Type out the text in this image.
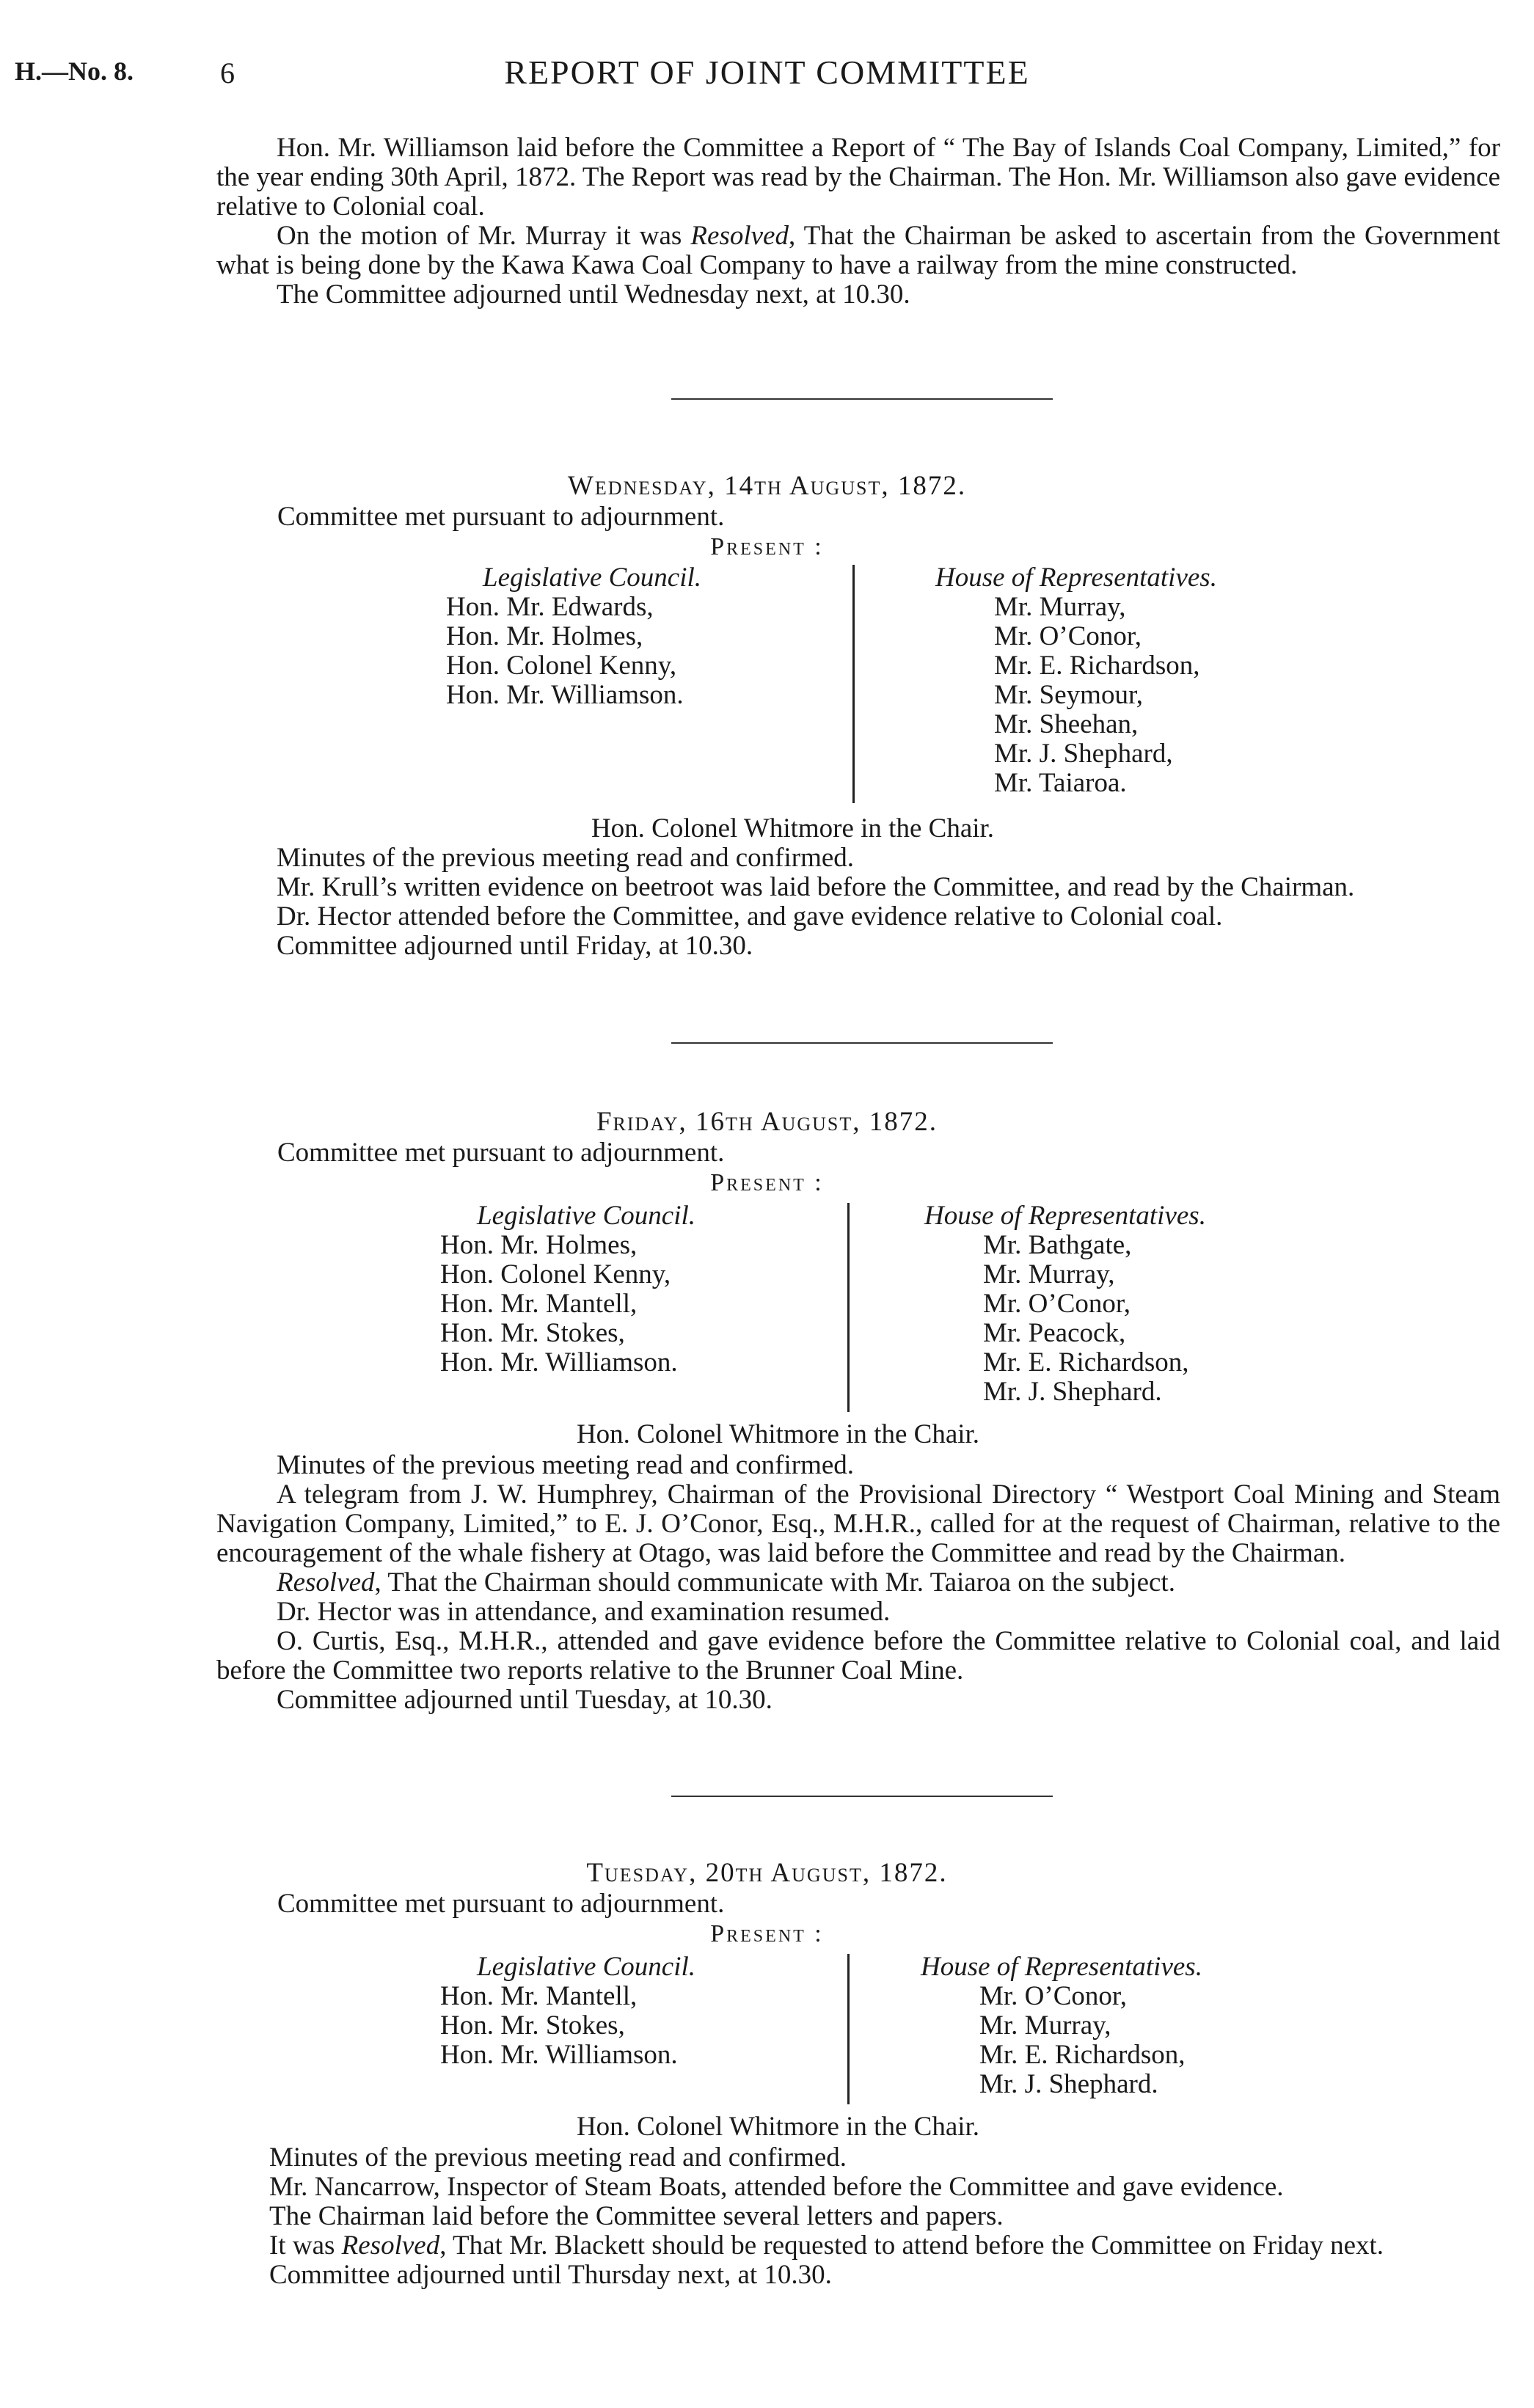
H.—No. 8.	6	REPORT OF JOINT COMMITTEE

Hon. Mr. Williamson laid before the Committee a Report of “ The Bay of Islands Coal Company, Limited,” for the year ending 30th April, 1872. The Report was read by the Chairman. The Hon. Mr. Williamson also gave evidence relative to Colonial coal.

On the motion of Mr. Murray it was Resolved, That the Chairman be asked to ascertain from the Government what is being done by the Kawa Kawa Coal Company to have a railway from the mine constructed.

The Committee adjourned until Wednesday next, at 10.30.

Wednesday, 14th August, 1872.
Committee met pursuant to adjournment.
Present :
Legislative Council.
Hon. Mr. Edwards,
Hon. Mr. Holmes,
Hon. Colonel Kenny,
Hon. Mr. Williamson.
House of Representatives.
Mr. Murray,
Mr. O’Conor,
Mr. E. Richardson,
Mr. Seymour,
Mr. Sheehan,
Mr. J. Shephard,
Mr. Taiaroa.
Hon. Colonel Whitmore in the Chair.

Minutes of the previous meeting read and confirmed.

Mr. Krull’s written evidence on beetroot was laid before the Committee, and read by the Chairman.

Dr. Hector attended before the Committee, and gave evidence relative to Colonial coal.

Committee adjourned until Friday, at 10.30.

Friday, 16th August, 1872.
Committee met pursuant to adjournment.
Present :
Legislative Council.
Hon. Mr. Holmes,
Hon. Colonel Kenny,
Hon. Mr. Mantell,
Hon. Mr. Stokes,
Hon. Mr. Williamson.
House of Representatives.
Mr. Bathgate,
Mr. Murray,
Mr. O’Conor,
Mr. Peacock,
Mr. E. Richardson,
Mr. J. Shephard.
Hon. Colonel Whitmore in the Chair.

Minutes of the previous meeting read and confirmed.

A telegram from J. W. Humphrey, Chairman of the Provisional Directory “ Westport Coal Mining and Steam Navigation Company, Limited,” to E. J. O’Conor, Esq., M.H.R., called for at the request of Chairman, relative to the encouragement of the whale fishery at Otago, was laid before the Committee and read by the Chairman.

Resolved, That the Chairman should communicate with Mr. Taiaroa on the subject.

Dr. Hector was in attendance, and examination resumed.

O. Curtis, Esq., M.H.R., attended and gave evidence before the Committee relative to Colonial coal, and laid before the Committee two reports relative to the Brunner Coal Mine.

Committee adjourned until Tuesday, at 10.30.

Tuesday, 20th August, 1872.
Committee met pursuant to adjournment.
Present :
Legislative Council.
Hon. Mr. Mantell,
Hon. Mr. Stokes,
Hon. Mr. Williamson.
House of Representatives.
Mr. O’Conor,
Mr. Murray,
Mr. E. Richardson,
Mr. J. Shephard.
Hon. Colonel Whitmore in the Chair.

Minutes of the previous meeting read and confirmed.

Mr. Nancarrow, Inspector of Steam Boats, attended before the Committee and gave evidence.

The Chairman laid before the Committee several letters and papers.

It was Resolved, That Mr. Blackett should be requested to attend before the Committee on Friday next.

Committee adjourned until Thursday next, at 10.30.
